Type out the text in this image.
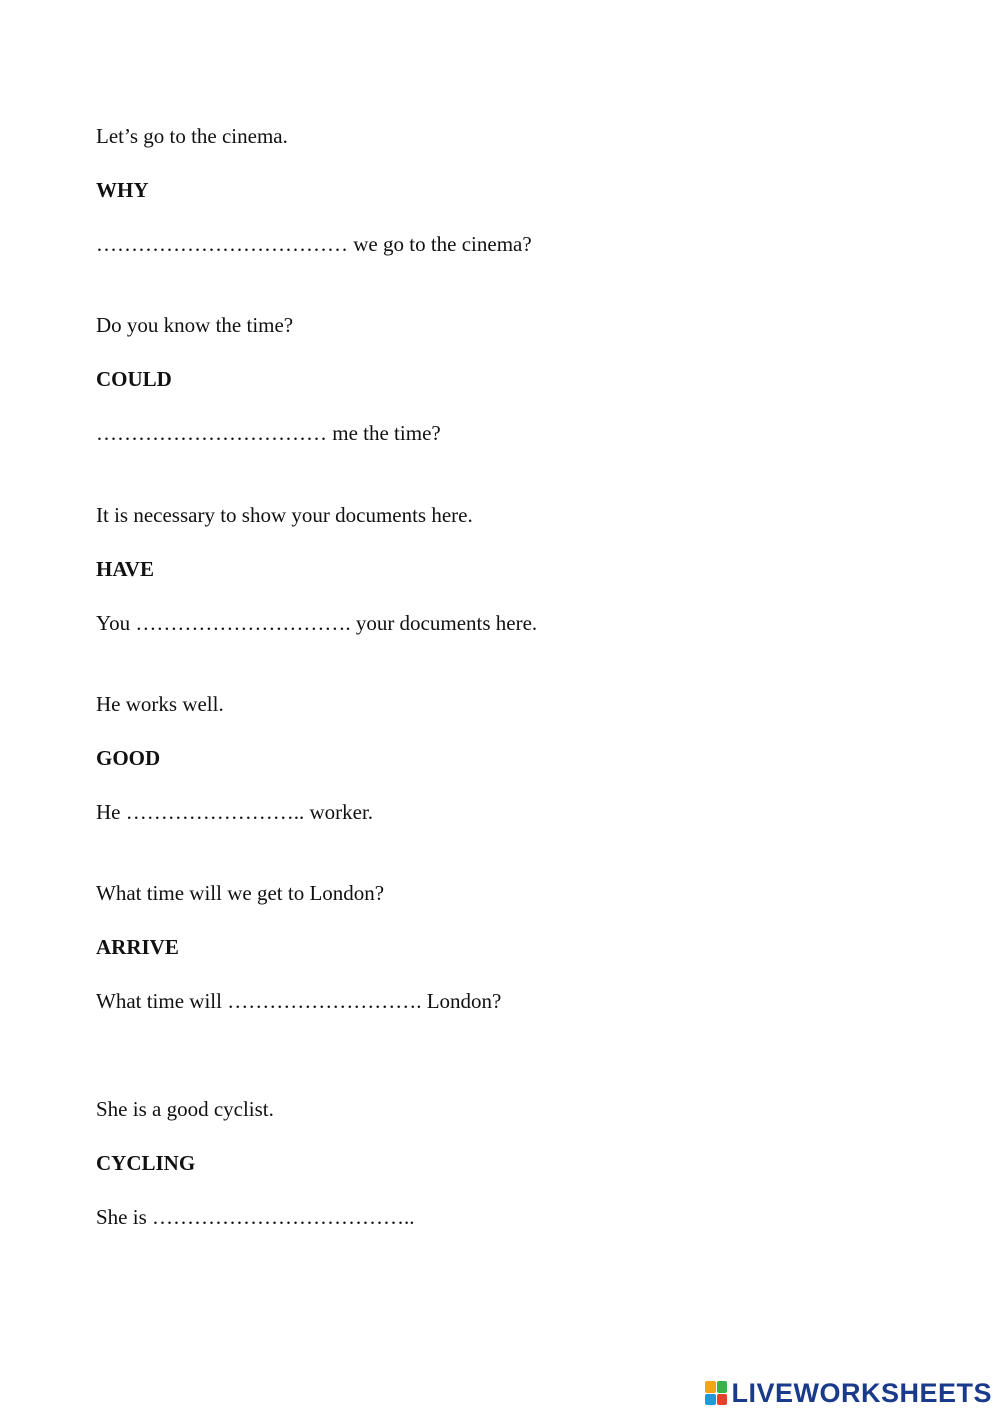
Let’s go to the cinema.

WHY

……………………………… we go to the cinema?

Do you know the time?

COULD

…………………………… me the time?

It is necessary to show your documents here.

HAVE

You …………………………. your documents here.

He works well.

GOOD

He …………………….. worker.

What time will we get to London?

ARRIVE

What time will ………………………. London?

She is a good cyclist.

CYCLING

She is ………………………………..

LIVEWORKSHEETS
